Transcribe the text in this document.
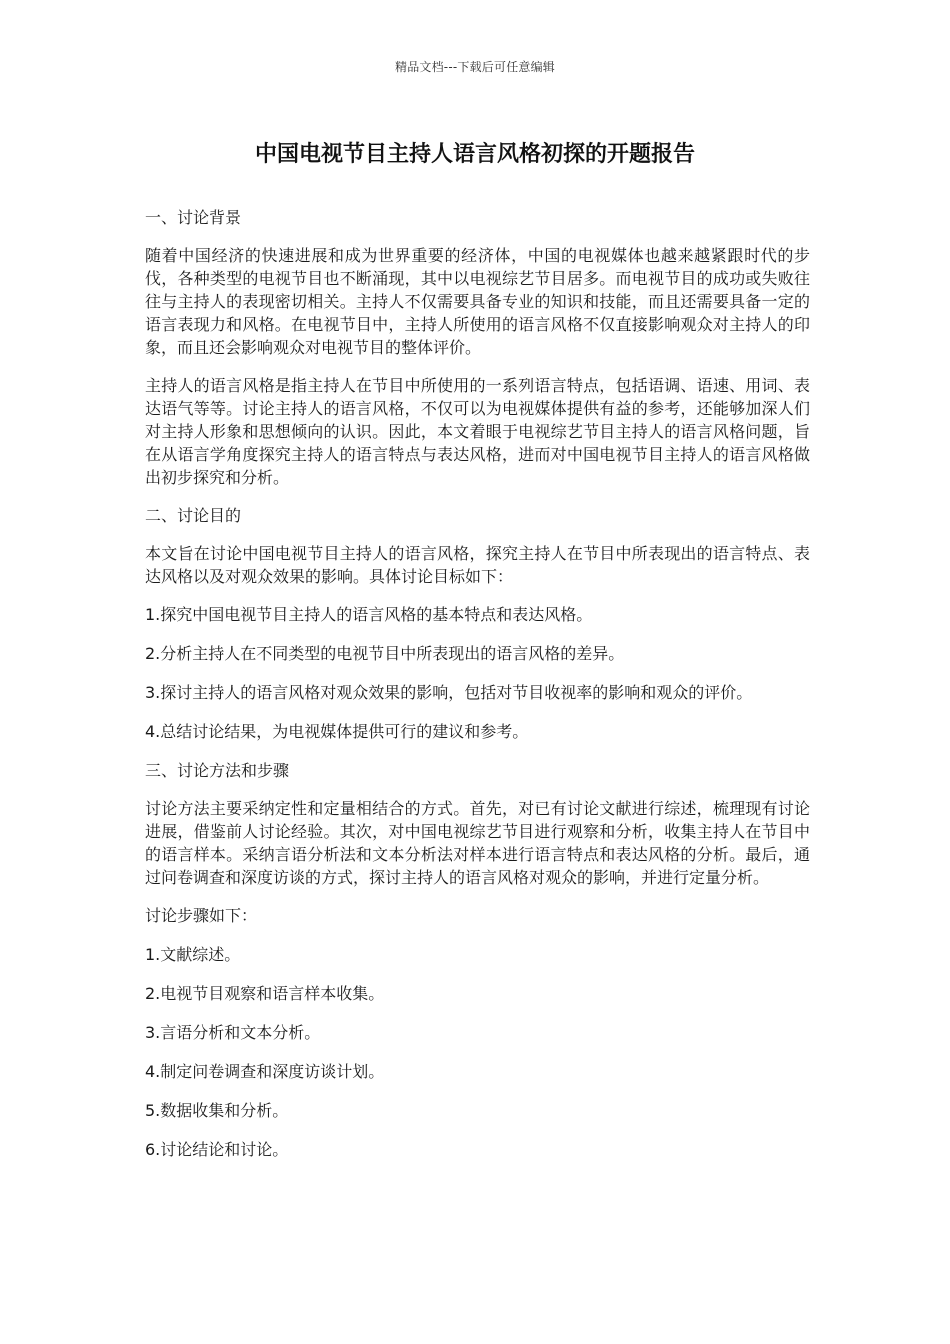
精品文档---下载后可任意编辑
中国电视节目主持人语言风格初探的开题报告

一、讨论背景

随着中国经济的快速进展和成为世界重要的经济体，中国的电视媒体也越来越紧跟时代的步伐，各种类型的电视节目也不断涌现，其中以电视综艺节目居多。而电视节目的成功或失败往往与主持人的表现密切相关。主持人不仅需要具备专业的知识和技能，而且还需要具备一定的语言表现力和风格。在电视节目中，主持人所使用的语言风格不仅直接影响观众对主持人的印象，而且还会影响观众对电视节目的整体评价。

主持人的语言风格是指主持人在节目中所使用的一系列语言特点，包括语调、语速、用词、表达语气等等。讨论主持人的语言风格，不仅可以为电视媒体提供有益的参考，还能够加深人们对主持人形象和思想倾向的认识。因此，本文着眼于电视综艺节目主持人的语言风格问题，旨在从语言学角度探究主持人的语言特点与表达风格，进而对中国电视节目主持人的语言风格做出初步探究和分析。

二、讨论目的

本文旨在讨论中国电视节目主持人的语言风格，探究主持人在节目中所表现出的语言特点、表达风格以及对观众效果的影响。具体讨论目标如下：

1.探究中国电视节目主持人的语言风格的基本特点和表达风格。

2.分析主持人在不同类型的电视节目中所表现出的语言风格的差异。

3.探讨主持人的语言风格对观众效果的影响，包括对节目收视率的影响和观众的评价。

4.总结讨论结果，为电视媒体提供可行的建议和参考。

三、讨论方法和步骤

讨论方法主要采纳定性和定量相结合的方式。首先，对已有讨论文献进行综述，梳理现有讨论进展，借鉴前人讨论经验。其次，对中国电视综艺节目进行观察和分析，收集主持人在节目中的语言样本。采纳言语分析法和文本分析法对样本进行语言特点和表达风格的分析。最后，通过问卷调查和深度访谈的方式，探讨主持人的语言风格对观众的影响，并进行定量分析。

讨论步骤如下：

1.文献综述。

2.电视节目观察和语言样本收集。

3.言语分析和文本分析。

4.制定问卷调查和深度访谈计划。

5.数据收集和分析。

6.讨论结论和讨论。
